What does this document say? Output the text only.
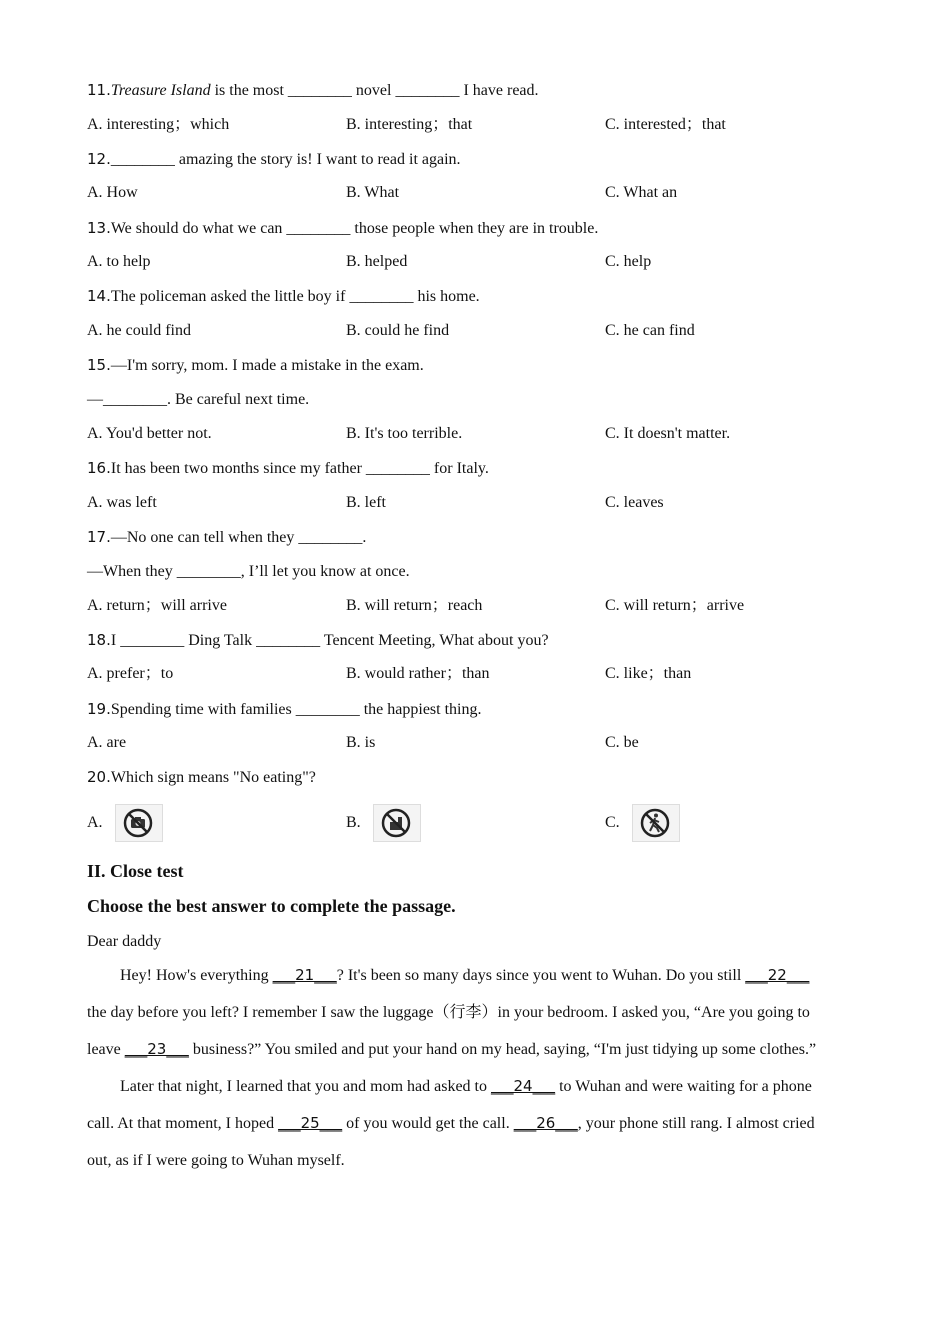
11.Treasure Island is the most ________ novel ________ I have read.
A. interesting；which	B. interesting；that	C. interested；that
12.________ amazing the story is! I want to read it again.
A. How	B. What	C. What an
13.We should do what we can ________ those people when they are in trouble.
A. to help	B. helped	C. help
14.The policeman asked the little boy if ________ his home.
A. he could find	B. could he find	C. he can find
15.—I'm sorry, mom. I made a mistake in the exam.
—________. Be careful next time.
A. You'd better not.	B. It's too terrible.	C. It doesn't matter.
16.It has been two months since my father ________ for Italy.
A. was left	B. left	C. leaves
17.—No one can tell when they ________.
—When they ________, I’ll let you know at once.
A. return；will arrive	B. will return；reach	C. will return；arrive
18.I ________ Ding Talk ________ Tencent Meeting, What about you?
A. prefer；to	B. would rather；than	C. like；than
19.Spending time with families ________ the happiest thing.
A. are	B. is	C. be
20.Which sign means "No eating"?
A.	B.	C.
II. Close test
Choose the best answer to complete the passage.
Dear daddy
Hey! How's everything ___21___? It's been so many days since you went to Wuhan. Do you still ___22___
the day before you left? I remember I saw the luggage（行李）in your bedroom. I asked you, “Are you going to
leave ___23___ business?” You smiled and put your hand on my head, saying, “I'm just tidying up some clothes.”
Later that night, I learned that you and mom had asked to ___24___ to Wuhan and were waiting for a phone
call. At that moment, I hoped ___25___ of you would get the call. ___26___, your phone still rang. I almost cried
out, as if I were going to Wuhan myself.
